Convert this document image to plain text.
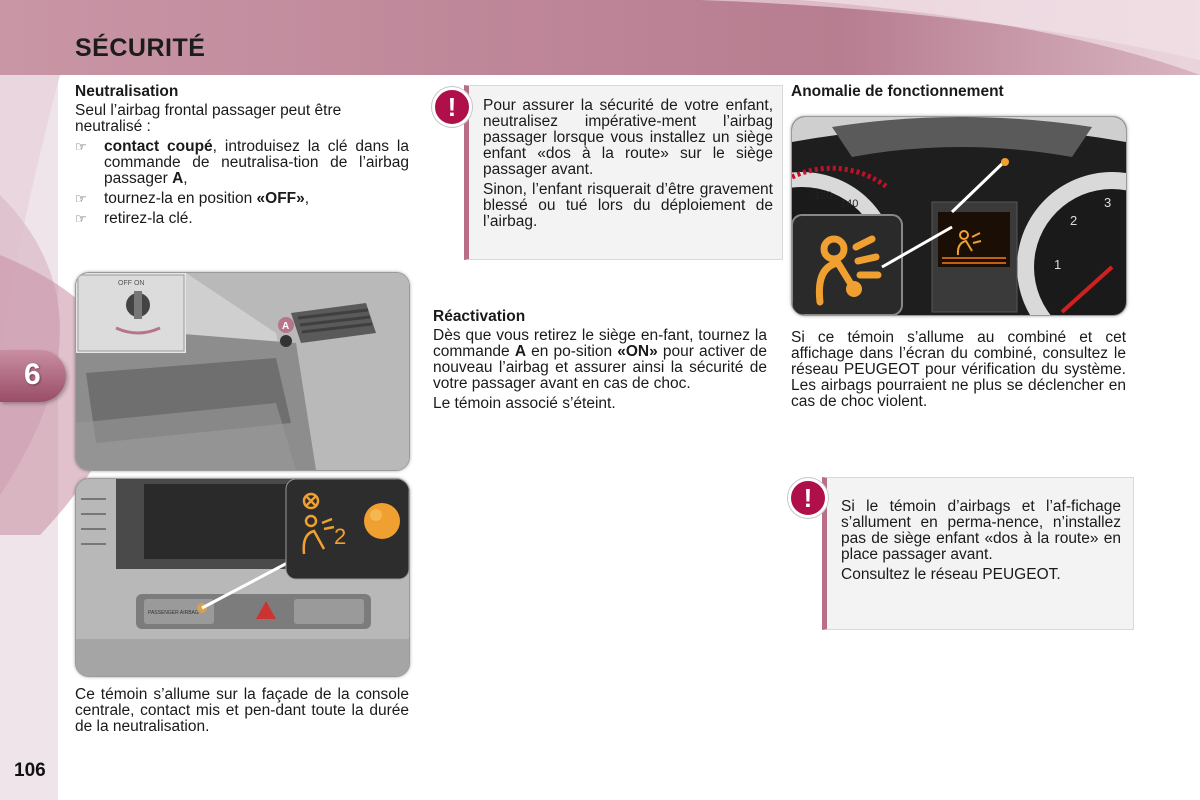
SÉCURITÉ
6
106
Neutralisation

Seul l’airbag frontal passager peut être neutralisé :

☞	contact coupé, introduisez la clé dans la commande de neutralisa-tion de l’airbag passager A,
☞	tournez-la en position «OFF»,
☞	retirez-la clé.
OFF ON
A
PASSENGER AIRBAG
2

Ce témoin s’allume sur la façade de la console centrale, contact mis et pen-dant toute la durée de la neutralisation.

Pour assurer la sécurité de votre enfant, neutralisez impérative-ment l’airbag passager lorsque vous installez un siège enfant «dos à la route» sur le siège passager avant.

Sinon, l’enfant risquerait d’être gravement blessé ou tué lors du déploiement de l’airbag.

!
Réactivation

Dès que vous retirez le siège en-fant, tournez la commande A en po-sition «ON» pour activer de nouveau l’airbag et assurer ainsi la sécurité de votre passager avant en cas de choc.

Le témoin associé s’éteint.

Anomalie de fonctionnement
120
140	3
2
1

Si ce témoin s’allume au combiné et cet affichage dans l’écran du combiné, consultez le réseau PEUGEOT pour vérification du système. Les airbags pourraient ne plus se déclencher en cas de choc violent.

Si le témoin d’airbags et l’af-fichage s’allument en perma-nence, n’installez pas de siège enfant «dos à la route» en place passager avant.

Consultez le réseau PEUGEOT.

!
